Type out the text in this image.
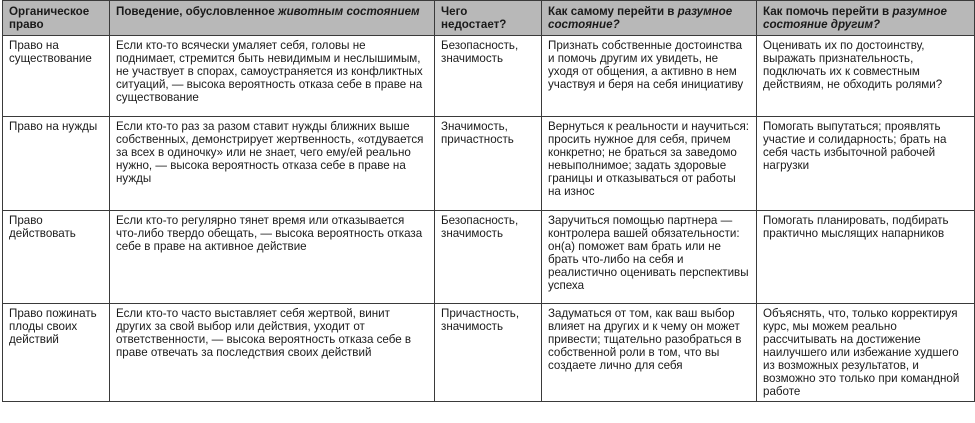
Органическое право	Поведение, обусловленное животным состоянием	Чего недостает?	Как самому перейти в разумное состояние?	Как помочь перейти в разумное состояние другим?
Право на существование	Если кто-то всячески умаляет себя, головы не поднимает, стремится быть невидимым и неслышимым, не участвует в спорах, самоустраняется из конфликтных ситуаций, — высока вероятность отказа себе в праве на существование	Безопасность, значимость	Признать собственные достоинства и помочь другим их увидеть, не уходя от общения, а активно в нем участвуя и беря на себя инициативу	Оценивать их по достоинству, выражать признательность, подключать их к совместным действиям, не обходить ролями?
Право на нужды	Если кто-то раз за разом ставит нужды ближних выше собственных, демонстрирует жертвенность, «отдувается за всех в одиночку» или не знает, чего ему/ей реально нужно, — высока вероятность отказа себе в праве на нужды	Значимость, причастность	Вернуться к реальности и научиться: просить нужное для себя, причем конкретно; не браться за заведомо невыполнимое; задать здоровые границы и отказываться от работы на износ	Помогать выпутаться; проявлять участие и солидарность; брать на себя часть избыточной рабочей нагрузки
Право действовать	Если кто-то регулярно тянет время или отказывается что-либо твердо обещать, — высока вероятность отказа себе в праве на активное действие	Безопасность, значимость	Заручиться помощью партнера — контролера вашей обязательности: он(а) поможет вам брать или не брать что-либо на себя и реалистично оценивать перспективы успеха	Помогать планировать, подбирать практично мыслящих напарников
Право пожинать плоды своих действий	Если кто-то часто выставляет себя жертвой, винит других за свой выбор или действия, уходит от ответственности, — высока вероятность отказа себе в праве отвечать за последствия своих действий	Причастность, значимость	Задуматься от том, как ваш выбор влияет на других и к чему он может привести; тщательно разобраться в собственной роли в том, что вы создаете лично для себя	Объяснять, что, только корректируя курс, мы можем реально рассчитывать на достижение наилучшего или избежание худшего из возможных результатов, и возможно это только при командной работе
